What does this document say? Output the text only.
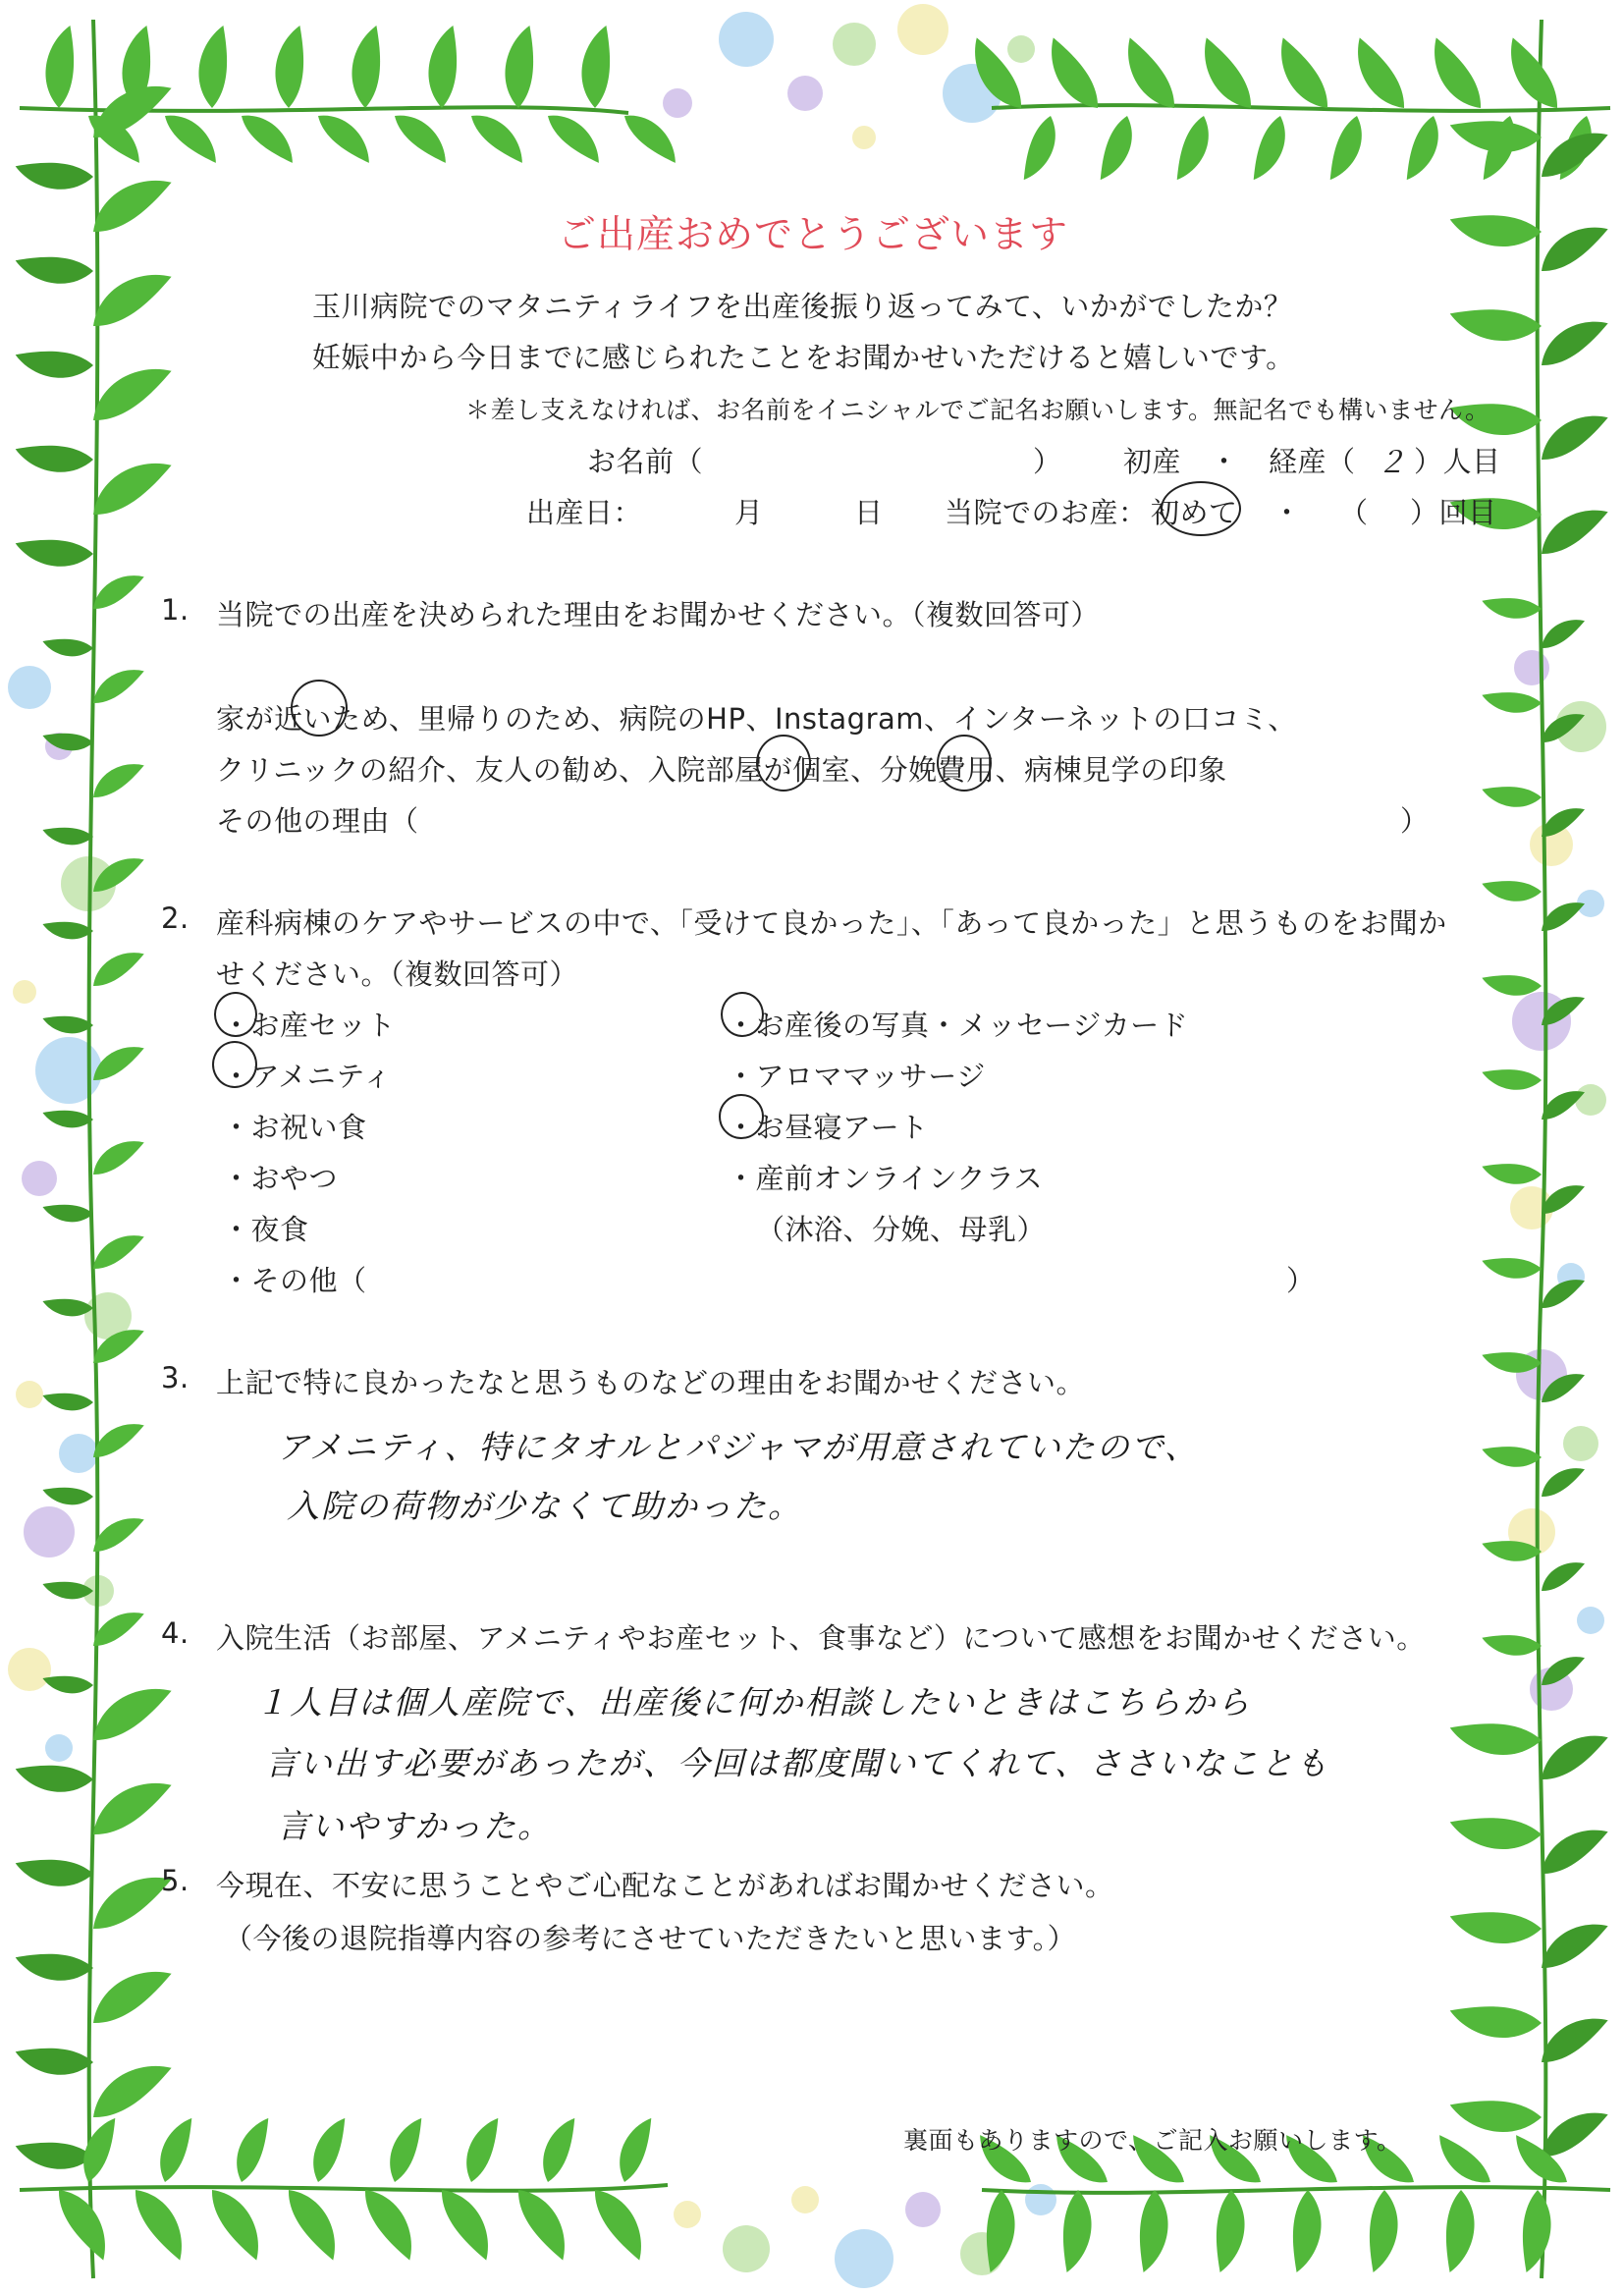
ご出産おめでとうございます
玉川病院でのマタニティライフを出産後振り返ってみて、いかがでしたか？
妊娠中から今日までに感じられたことをお聞かせいただけると嬉しいです。
＊差し支えなければ、お名前をイニシャルでご記名お願いします。無記名でも構いません。
お名前（	） 初産 ・ 経産（ ２ ）人目
出産日：	月	日 当院でのお産： 初めて ・ （ ）回目
1. 当院での出産を決められた理由をお聞かせください。（複数回答可）
家が近いため、里帰りのため、病院のHP、Instagram、インターネットの口コミ、
クリニックの紹介、友人の勧め、入院部屋が個室、分娩費用、病棟見学の印象
その他の理由（	）
2. 産科病棟のケアやサービスの中で、「受けて良かった」、「あって良かった」と思うものをお聞か
せください。（複数回答可）
・お産セット
・アメニティ
・お祝い食
・おやつ
・夜食
・その他（	）
・お産後の写真・メッセージカード
・アロママッサージ
・お昼寝アート
・産前オンラインクラス
（沐浴、分娩、母乳）
3. 上記で特に良かったなと思うものなどの理由をお聞かせください。
アメニティ、特にタオルとパジャマが用意されていたので、
入院の荷物が少なくて助かった。
4. 入院生活（お部屋、アメニティやお産セット、食事など）について感想をお聞かせください。
１人目は個人産院で、出産後に何か相談したいときはこちらから
言い出す必要があったが、今回は都度聞いてくれて、ささいなことも
言いやすかった。
5. 今現在、不安に思うことやご心配なことがあればお聞かせください。
（今後の退院指導内容の参考にさせていただきたいと思います。）
裏面もありますので、ご記入お願いします。
